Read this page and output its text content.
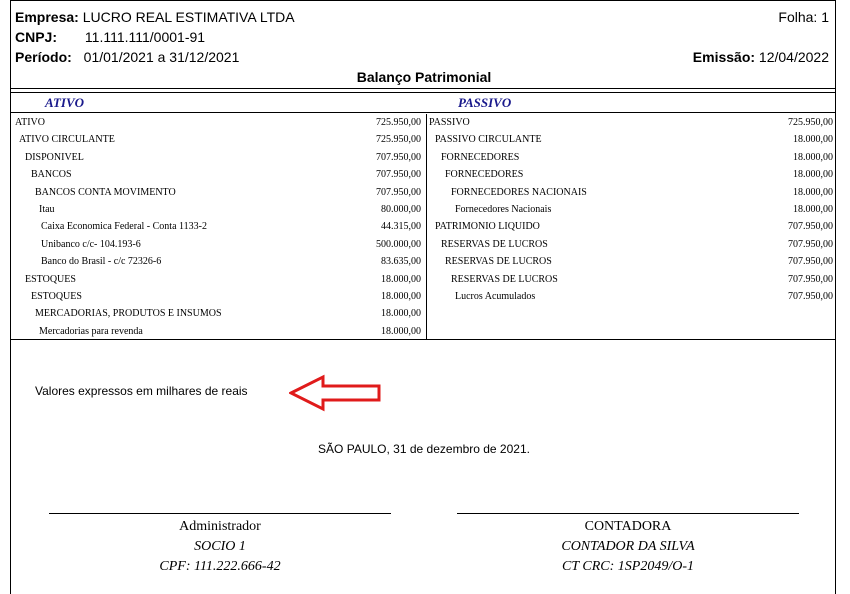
Empresa: LUCRO REAL ESTIMATIVA LTDA	Folha: 1
CNPJ: 11.111.111/0001-91
Período: 01/01/2021 a 31/12/2021	Emissão: 12/04/2022
Balanço Patrimonial
ATIVO	PASSIVO
ATIVO	725.950,00
ATIVO CIRCULANTE	725.950,00
DISPONIVEL	707.950,00
BANCOS	707.950,00
BANCOS CONTA MOVIMENTO	707.950,00
Itau	80.000,00
Caixa Economica Federal - Conta 1133-2	44.315,00
Unibanco c/c- 104.193-6	500.000,00
Banco do Brasil - c/c 72326-6	83.635,00
ESTOQUES	18.000,00
ESTOQUES	18.000,00
MERCADORIAS, PRODUTOS E INSUMOS	18.000,00
Mercadorias para revenda	18.000,00
PASSIVO	725.950,00
PASSIVO CIRCULANTE	18.000,00
FORNECEDORES	18.000,00
FORNECEDORES	18.000,00
FORNECEDORES NACIONAIS	18.000,00
Fornecedores Nacionais	18.000,00
PATRIMONIO LIQUIDO	707.950,00
RESERVAS DE LUCROS	707.950,00
RESERVAS DE LUCROS	707.950,00
RESERVAS DE LUCROS	707.950,00
Lucros Acumulados	707.950,00
Valores expressos em milhares de reais
SÃO PAULO, 31 de dezembro de 2021.
Administrador
SOCIO 1
CPF: 111.222.666-42
CONTADORA
CONTADOR DA SILVA
CT CRC: 1SP2049/O-1
